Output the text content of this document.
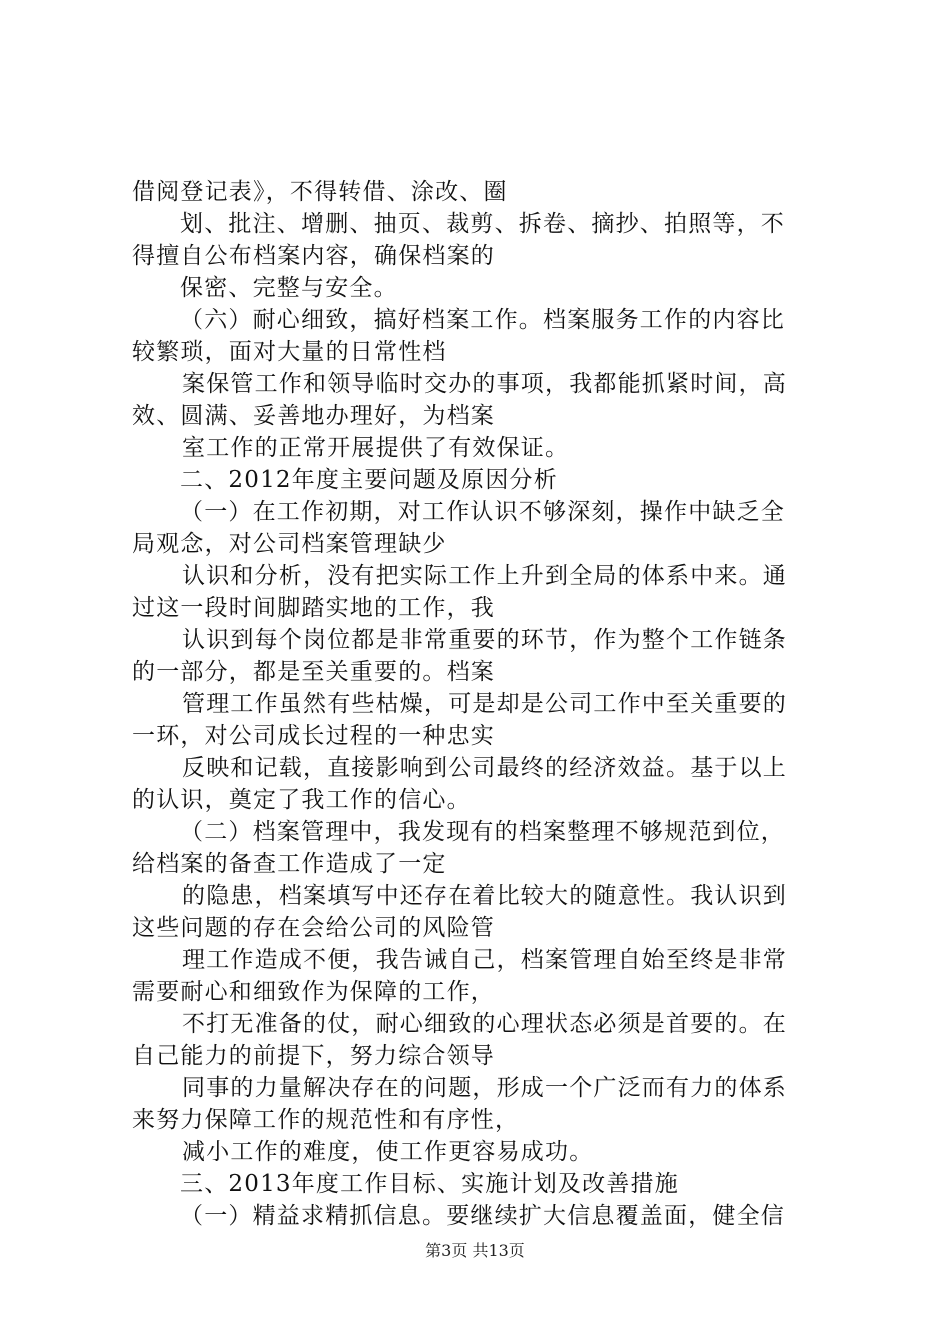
借阅登记表》，不得转借、涂改、圈
划、批注、增删、抽页、裁剪、拆卷、摘抄、拍照等，不
得擅自公布档案内容，确保档案的
保密、完整与安全。
（六）耐心细致，搞好档案工作。档案服务工作的内容比
较繁琐，面对大量的日常性档
案保管工作和领导临时交办的事项，我都能抓紧时间，高
效、圆满、妥善地办理好，为档案
室工作的正常开展提供了有效保证。
二、2012年度主要问题及原因分析
（一）在工作初期，对工作认识不够深刻，操作中缺乏全
局观念，对公司档案管理缺少
认识和分析，没有把实际工作上升到全局的体系中来。通
过这一段时间脚踏实地的工作，我
认识到每个岗位都是非常重要的环节，作为整个工作链条
的一部分，都是至关重要的。档案
管理工作虽然有些枯燥，可是却是公司工作中至关重要的
一环，对公司成长过程的一种忠实
反映和记载，直接影响到公司最终的经济效益。基于以上
的认识，奠定了我工作的信心。
（二）档案管理中，我发现有的档案整理不够规范到位，
给档案的备查工作造成了一定
的隐患，档案填写中还存在着比较大的随意性。我认识到
这些问题的存在会给公司的风险管
理工作造成不便，我告诫自己，档案管理自始至终是非常
需要耐心和细致作为保障的工作，
不打无准备的仗，耐心细致的心理状态必须是首要的。在
自己能力的前提下，努力综合领导
同事的力量解决存在的问题，形成一个广泛而有力的体系
来努力保障工作的规范性和有序性，
减小工作的难度，使工作更容易成功。
三、2013年度工作目标、实施计划及改善措施
（一）精益求精抓信息。要继续扩大信息覆盖面，健全信
第3页 共13页
